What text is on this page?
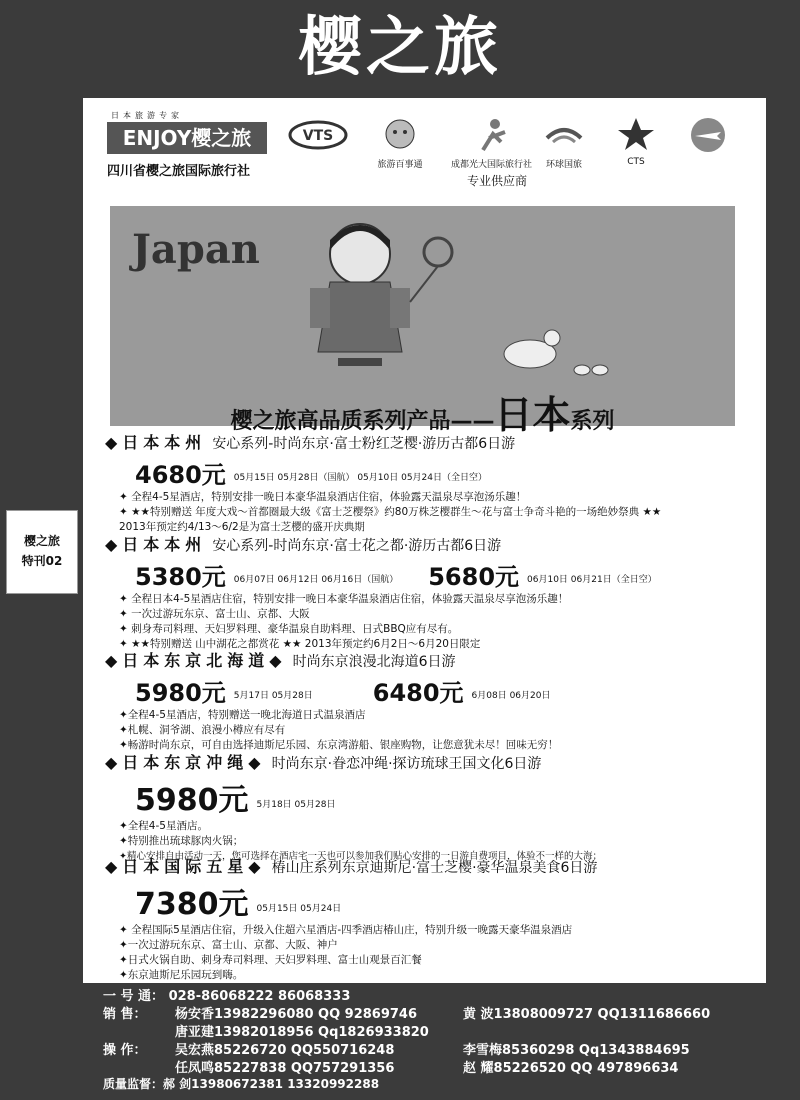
樱之旅
樱之旅
特刊02
日本旅游专家
ENJOY樱之旅
四川省樱之旅国际旅行社
VTS
旅游百事通	成都光大国际旅行社	环球国旅	CTS
专业供应商
Japan
樱之旅高品质系列产品——日本系列
◆日本本州 安心系列-时尚东京·富士粉红芝樱·游历古都6日游
4680元 05月15日 05月28日（国航） 05月10日 05月24日（全日空）
✦ 全程4-5星酒店，特别安排一晚日本豪华温泉酒店住宿，体验露天温泉尽享泡汤乐趣！
✦ ★★特别赠送 年度大戏～首都圈最大级《富士芝樱祭》约80万株芝樱群生～花与富士争奇斗艳的一场绝妙祭典 ★★
2013年预定约4/13～6/2是为富士芝樱的盛开庆典期
◆日本本州 安心系列-时尚东京·富士花之都·游历古都6日游
5380元 06月07日 06月12日 06月16日（国航） 5680元 06月10日 06月21日（全日空）
✦ 全程日本4-5星酒店住宿，特别安排一晚日本豪华温泉酒店住宿，体验露天温泉尽享泡汤乐趣！
✦ 一次过游玩东京、富士山、京都、大阪
✦ 刺身寿司料理、天妇罗料理、豪华温泉自助料理、日式BBQ应有尽有。
✦ ★★特别赠送 山中湖花之都赏花 ★★ 2013年预定约6月2日～6月20日限定
◆日本东京北海道◆ 时尚东京浪漫北海道6日游
5980元 5月17日 05月28日	6480元 6月08日 06月20日
✦全程4-5星酒店，特别赠送一晚北海道日式温泉酒店
✦札幌、洞爷湖、浪漫小樽应有尽有
✦畅游时尚东京，可自由选择迪斯尼乐园、东京湾游船、银座购物，让您意犹未尽！回味无穷！
◆日本东京冲绳◆ 时尚东京·眷恋冲绳·探访琉球王国文化6日游
5980元 5月18日 05月28日
✦全程4-5星酒店。
✦特别推出琉球豚肉火锅；
✦精心安排自由活动一天，您可选择在酒店宅一天也可以参加我们贴心安排的一日游自费项目，体验不一样的大海；
◆日本国际五星◆ 椿山庄系列东京迪斯尼·富士芝樱·豪华温泉美食6日游
7380元 05月15日 05月24日
✦ 全程国际5星酒店住宿，升级入住超六星酒店-四季酒店椿山庄，特别升级一晚露天豪华温泉酒店
✦一次过游玩东京、富士山、京都、大阪、神户
✦日式火锅自助、刺身寿司料理、天妇罗料理、富士山观景百汇餐
✦东京迪斯尼乐园玩到嗨。
一 号 通： 028-86068222 86068333
销 售： 杨安香13982296080 QQ 92869746	黄 波13808009727 QQ1311686660
唐亚建13982018956 Qq1826933820
操 作： 吴宏燕85226720 QQ550716248	李雪梅85360298 Qq1343884695
任凤鸣85227838 QQ757291356	赵 耀85226520 QQ 497896634
质量监督：郝 剑13980672381 13320992288
